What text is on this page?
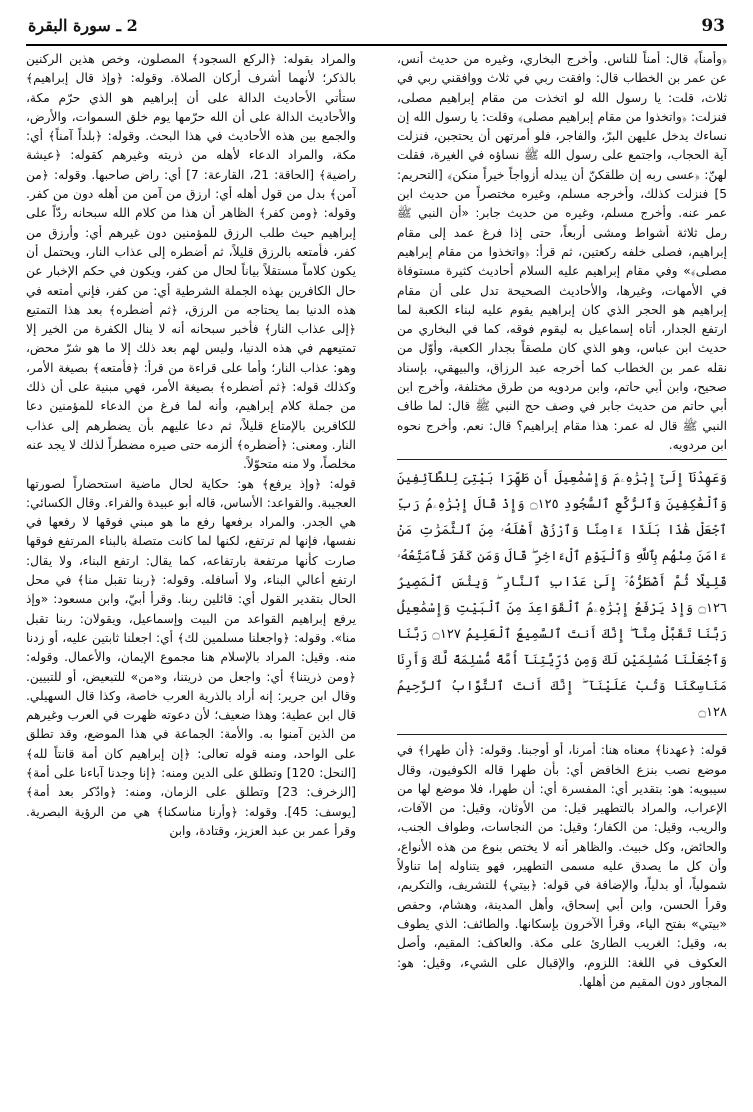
93
2 ـ سورة البقرة

﴿وأمناً﴾ قال: أمناً للناس. وأخرج البخاري، وغيره من حديث أنس، عن عمر بن الخطاب قال: وافقت ربي في ثلاث ووافقني ربي في ثلاث، قلت: يا رسول الله لو اتخذت من مقام إبراهيم مصلى، فنزلت: ﴿واتخذوا من مقام إبراهيم مصلى﴾ وقلت: يا رسول الله إن نساءك يدخل عليهن البرّ، والفاجر، فلو أمرتهن أن يحتجبن، فنزلت آية الحجاب، واجتمع على رسول الله ﷺ نساؤه في الغيرة، فقلت لهنّ: ﴿عسى ربه إن طلقكنّ أن يبدله أزواجاً خيراً منكن﴾ [التحريم: 5] فنزلت كذلك، وأخرجه مسلم، وغيره مختصراً من حديث ابن عمر عنه. وأخرج مسلم، وغيره من حديث جابر: «أن النبي ﷺ رمل ثلاثة أشواط ومشى أربعاً، حتى إذا فرغ عمد إلى مقام إبراهيم، فصلى خلفه ركعتين، ثم قرأ: ﴿واتخذوا من مقام إبراهيم مصلى﴾» وفي مقام إبراهيم عليه السلام أحاديث كثيرة مستوفاة في الأمهات، وغيرها، والأحاديث الصحيحة تدل على أن مقام إبراهيم هو الحجر الذي كان إبراهيم يقوم عليه لبناء الكعبة لما ارتفع الجدار، أتاه إسماعيل به ليقوم فوقه، كما في البخاري من حديث ابن عباس، وهو الذي كان ملصقاً بجدار الكعبة، وأوّل من نقله عمر بن الخطاب كما أخرجه عبد الرزاق، والبيهقي، بإسناد صحيح، وابن أبي حاتم، وابن مردويه من طرق مختلفة، وأخرج ابن أبي حاتم من حديث جابر في وصف حج النبي ﷺ قال: لما طاف النبي ﷺ قال له عمر: هذا مقام إبراهيم؟ قال: نعم. وأخرج نحوه ابن مردويه.

وَعَهِدْنَآ إِلَىٰٓ إِبْرَٰهِۦمَ وَإِسْمَٰعِيلَ أَن طَهِّرَا بَيْتِىَ لِلطَّآئِفِينَ وَٱلْعَٰكِفِينَ وَٱلرُّكَّعِ ٱلسُّجُودِ ۝١٢٥ وَإِذْ قَالَ إِبْرَٰهِۦمُ رَبِّ ٱجْعَلْ هَٰذَا بَلَدًا ءَامِنًا وَٱرْزُقْ أَهْلَهُۥ مِنَ ٱلثَّمَرَٰتِ مَنْ ءَامَنَ مِنْهُم بِٱللَّهِ وَٱلْيَوْمِ ٱلْءَاخِرِ ۖ قَالَ وَمَن كَفَرَ فَأُمَتِّعُهُۥ قَلِيلًا ثُمَّ أَضْطَرُّهُۥٓ إِلَىٰ عَذَابِ ٱلنَّارِ ۖ وَبِئْسَ ٱلْمَصِيرُ ۝١٢٦ وَإِذْ يَرْفَعُ إِبْرَٰهِۦمُ ٱلْقَوَاعِدَ مِنَ ٱلْبَيْتِ وَإِسْمَٰعِيلُ رَبَّنَا تَقَبَّلْ مِنَّآ ۖ إِنَّكَ أَنتَ ٱلسَّمِيعُ ٱلْعَلِيمُ ۝١٢٧ رَبَّنَا وَٱجْعَلْنَا مُسْلِمَيْنِ لَكَ وَمِن ذُرِّيَّتِنَآ أُمَّةً مُّسْلِمَةً لَّكَ وَأَرِنَا مَنَاسِكَنَا وَتُبْ عَلَيْنَآ ۖ إِنَّكَ أَنتَ ٱلتَّوَّابُ ٱلرَّحِيمُ ۝١٢٨

قوله: ﴿عهدنا﴾ معناه هنا: أمرنا، أو أوجبنا. وقوله: ﴿أن طهرا﴾ في موضع نصب بنزع الخافض أي: بأن طهرا قاله الكوفيون، وقال سيبويه: هو: بتقدير أي: المفسرة أي: أن طهرا، فلا موضع لها من الإعراب، والمراد بالتطهير قيل: من الأوثان، وقيل: من الآفات، والريب، وقيل: من الكفار؛ وقيل: من النجاسات، وطواف الجنب، والحائض، وكل خبيث. والظاهر أنه لا يختص بنوع من هذه الأنواع، وأن كل ما يصدق عليه مسمى التطهير، فهو يتناوله إما تناولاً شمولياً، أو بدلياً، والإضافة في قوله: ﴿بيتي﴾ للتشريف، والتكريم، وقرأ الحسن، وابن أبي إسحاق، وأهل المدينة، وهشام، وحفص «بيتي» بفتح الياء، وقرأ الآخرون بإسكانها. والطائف: الذي يطوف به، وقيل: الغريب الطارئ على مكة. والعاكف: المقيم، وأصل العكوف في اللغة: اللزوم، والإقبال على الشيء، وقيل: هو: المجاور دون المقيم من أهلها.

والمراد بقوله: ﴿الركع السجود﴾ المصلون، وخص هذين الركنين بالذكر؛ لأنهما أشرف أركان الصلاة. وقوله: ﴿وإذ قال إبراهيم﴾ ستأتي الأحاديث الدالة على أن إبراهيم هو الذي حرّم مكة، والأحاديث الدالة على أن الله حرّمها يوم خلق السموات، والأرض، والجمع بين هذه الأحاديث في هذا البحث. وقوله: ﴿بلداً آمناً﴾ أي: مكة، والمراد الدعاء لأهله من ذريته وغيرهم كقوله: ﴿عيشة راضية﴾ [الحاقة: 21، القارعة: 7] أي: راض صاحبها. وقوله: ﴿من آمن﴾ بدل من قول أهله أي: ارزق من آمن من أهله دون من كفر. وقوله: ﴿ومن كفر﴾ الظاهر أن هذا من كلام الله سبحانه ردّاً على إبراهيم حيث طلب الرزق للمؤمنين دون غيرهم أي: وأرزق من كفر، فأمتعه بالرزق قليلاً، ثم أضطره إلى عذاب النار، ويحتمل أن يكون كلاماً مستقلاً بياناً لحال من كفر، ويكون في حكم الإخبار عن حال الكافرين بهذه الجملة الشرطية أي: من كفر، فإني أمتعه في هذه الدنيا بما يحتاجه من الرزق، ﴿ثم أضطره﴾ بعد هذا التمتيع ﴿إلى عذاب النار﴾ فأخبر سبحانه أنه لا ينال الكفرة من الخير إلا تمتيعهم في هذه الدنيا، وليس لهم بعد ذلك إلا ما هو شرّ محض، وهو: عذاب النار؛ وأما على قراءة من قرأ: ﴿فأمتعه﴾ بصيغة الأمر، وكذلك قوله: ﴿ثم أضطره﴾ بصيغة الأمر، فهي مبنية على أن ذلك من جملة كلام إبراهيم، وأنه لما فرغ من الدعاء للمؤمنين دعا للكافرين بالإمتاع قليلاً، ثم دعا عليهم بأن يضطرهم إلى عذاب النار. ومعنى: ﴿أضطره﴾ ألزمه حتى صيره مضطراً لذلك لا يجد عنه مخلصاً، ولا منه متحوّلاً.

قوله: ﴿وإذ يرفع﴾ هو: حكاية لحال ماضية استحضاراً لصورتها العجيبة. والقواعد: الأساس، قاله أبو عبيدة والفراء. وقال الكسائي: هي الجدر. والمراد برفعها رفع ما هو مبني فوقها لا رفعها في نفسها، فإنها لم ترتفع، لكنها لما كانت متصلة بالبناء المرتفع فوقها صارت كأنها مرتفعة بارتفاعه، كما يقال: ارتفع البناء، ولا يقال: ارتفع أعالي البناء، ولا أسافله. وقوله: ﴿ربنا تقبل منا﴾ في محل الحال بتقدير القول أي: قائلين ربنا. وقرأ أبيّ، وابن مسعود: «وإذ يرفع إبراهيم القواعد من البيت وإسماعيل، ويقولان: ربنا تقبل منا». وقوله: ﴿واجعلنا مسلمين لك﴾ أي: اجعلنا ثابتين عليه، أو زدنا منه. وقيل: المراد بالإسلام هنا مجموع الإيمان، والأعمال. وقوله: ﴿ومن ذريتنا﴾ أي: واجعل من ذريتنا، و«من» للتبعيض، أو للتبيين. وقال ابن جرير: إنه أراد بالذرية العرب خاصة، وكذا قال السهيلي. قال ابن عطية: وهذا ضعيف؛ لأن دعوته ظهرت في العرب وغيرهم من الذين آمنوا به. والأمة: الجماعة في هذا الموضع، وقد تطلق على الواحد، ومنه قوله تعالى: ﴿إن إبراهيم كان أمة قانتاً لله﴾ [النحل: 120] وتطلق على الدين ومنه: ﴿إنا وجدنا آباءنا على أمة﴾ [الزخرف: 23] وتطلق على الزمان، ومنه: ﴿وادّكر بعد أمة﴾ [يوسف: 45]. وقوله: ﴿وأرنا مناسكنا﴾ هي من الرؤية البصرية. وقرأ عمر بن عبد العزيز، وقتادة، وابن
